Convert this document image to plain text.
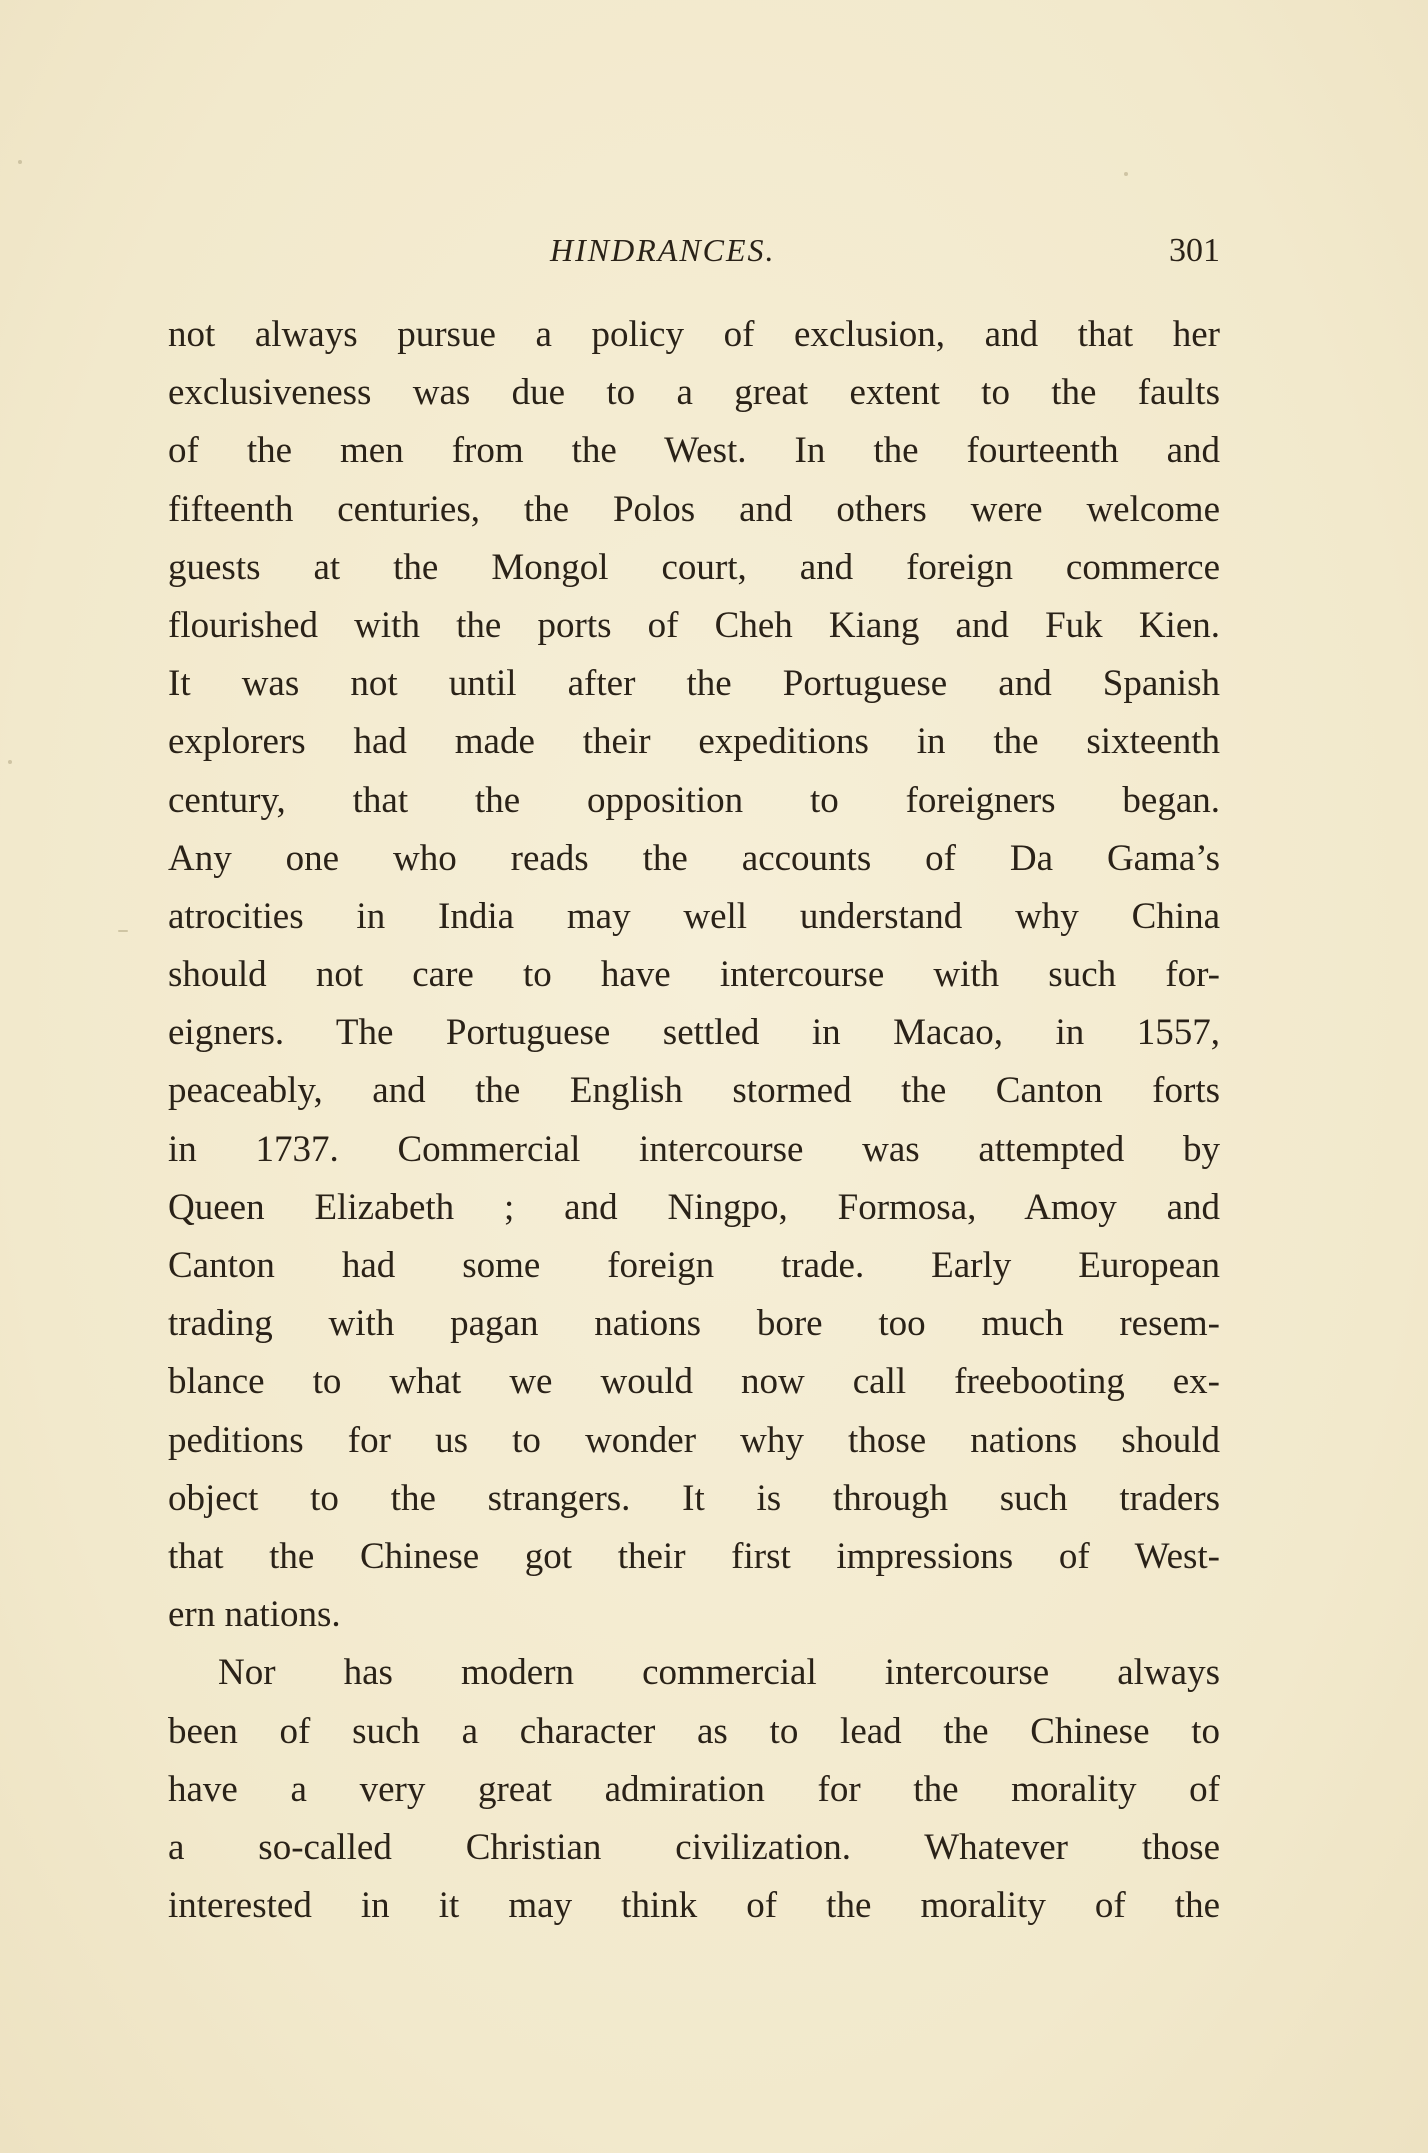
HINDRANCES.	301
not always pursue a policy of exclusion, and that her
exclusiveness was due to a great extent to the faults
of the men from the West. In the fourteenth and
fifteenth centuries, the Polos and others were welcome
guests at the Mongol court, and foreign commerce
flourished with the ports of Cheh Kiang and Fuk Kien.
It was not until after the Portuguese and Spanish
explorers had made their expeditions in the sixteenth
century, that the opposition to foreigners began.
Any one who reads the accounts of Da Gama’s
atrocities in India may well understand why China
should not care to have intercourse with such for-
eigners. The Portuguese settled in Macao, in 1557,
peaceably, and the English stormed the Canton forts
in 1737. Commercial intercourse was attempted by
Queen Elizabeth ; and Ningpo, Formosa, Amoy and
Canton had some foreign trade. Early European
trading with pagan nations bore too much resem-
blance to what we would now call freebooting ex-
peditions for us to wonder why those nations should
object to the strangers. It is through such traders
that the Chinese got their first impressions of West-
ern nations.
Nor has modern commercial intercourse always
been of such a character as to lead the Chinese to
have a very great admiration for the morality of
a so-called Christian civilization. Whatever those
interested in it may think of the morality of the
